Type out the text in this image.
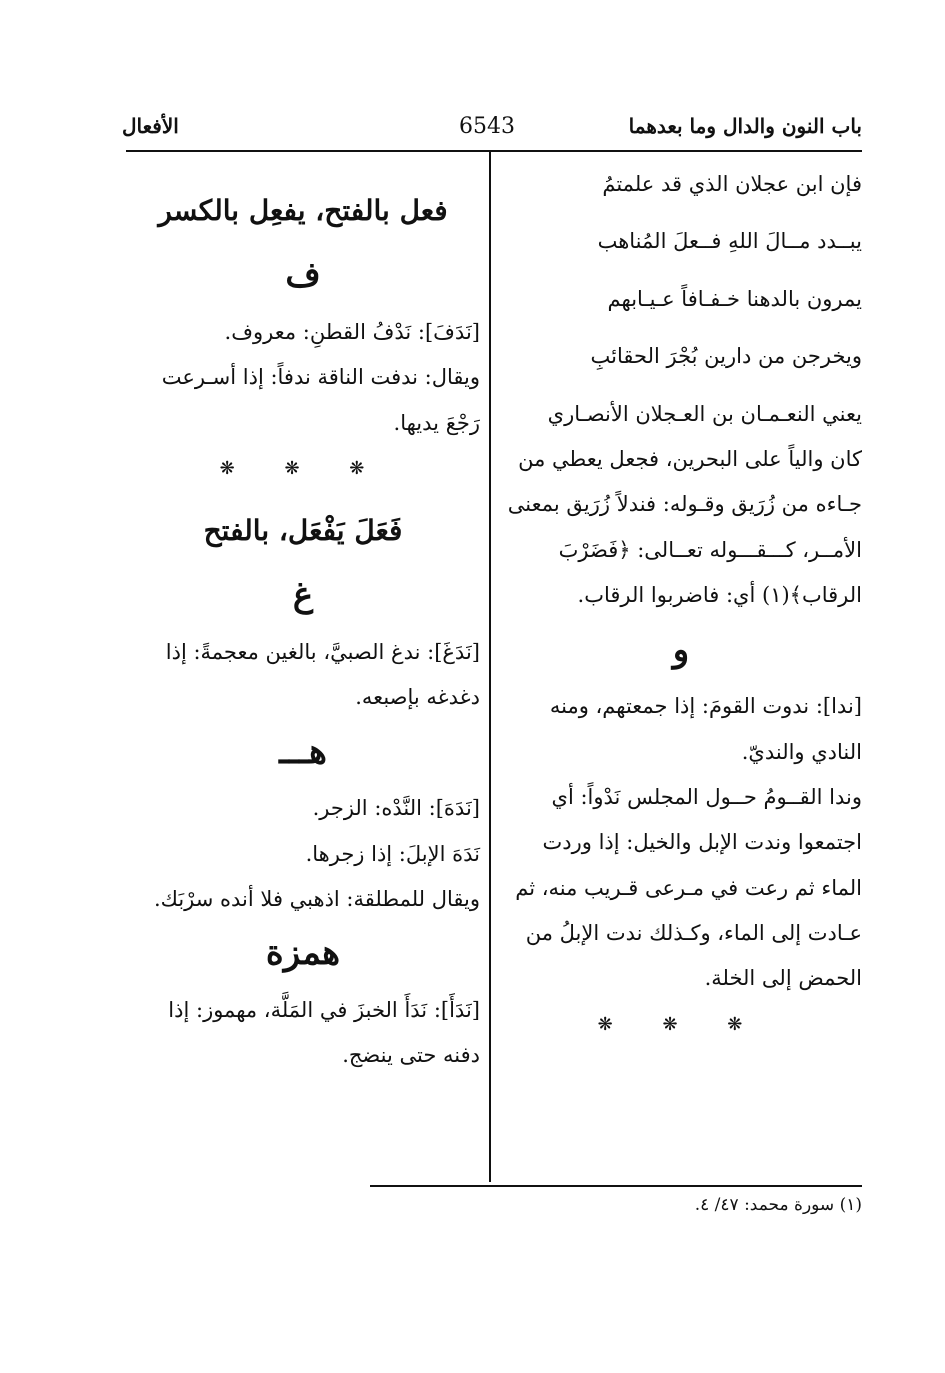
باب النون والدال وما بعدهما
6543
الأفعال
فإن ابن عجلان الذي قد علمتمُ
يبــدد مــالَ اللهِ فــعلَ المُناهب
يمرون بالدهنا خـفـافاً عـيـابهم
ويخرجن من دارين بُجْرَ الحقائبِ
يعني النعـمـان بن العـجلان الأنصـاري
كان والياً على البحرين، فجعل يعطي من
جـاءه من زُرَيق وقـوله: فندلاً زُرَيق بمعنى
الأمــر، كـــقـــوله تعــالى: ﴿فَضَرْبَ
الرقاب﴾(١) أي: فاضربوا الرقاب.
و
[ندا]: ندوت القومَ: إذا جمعتهم، ومنه
النادي والنديّ.
وندا القــومُ حــول المجلس نَدْواً: أي
اجتمعوا وندت الإبل والخيل: إذا وردت
الماء ثم رعت في مـرعى قـريب منه، ثم
عـادت إلى الماء، وكـذلك ندت الإبلُ من
الحمض إلى الخلة.
❋ ❋ ❋
فعل بالفتح، يفعِل بالكسر
ف
[نَدَفَ]: نَدْفُ القطنِ: معروف.
ويقال: ندفت الناقة ندفاً: إذا أسـرعت
رَجْعَ يديها.
❋ ❋ ❋
فَعَلَ يَفْعَل، بالفتح
غ
[نَدَغَ]: ندغ الصبيَّ، بالغين معجمةً: إذا
دغدغه بإصبعه.
هـــ
[نَدَهَ]: النَّدْه: الزجر.
نَدَهَ الإبلَ: إذا زجرها.
ويقال للمطلقة: اذهبي فلا أنده سرْبَك.
همزة
[نَدَأَ]: نَدَأَ الخبزَ في المَلَّة، مهموز: إذا
دفنه حتى ينضج.
(١) سورة محمد: ٤٧/ ٤.
